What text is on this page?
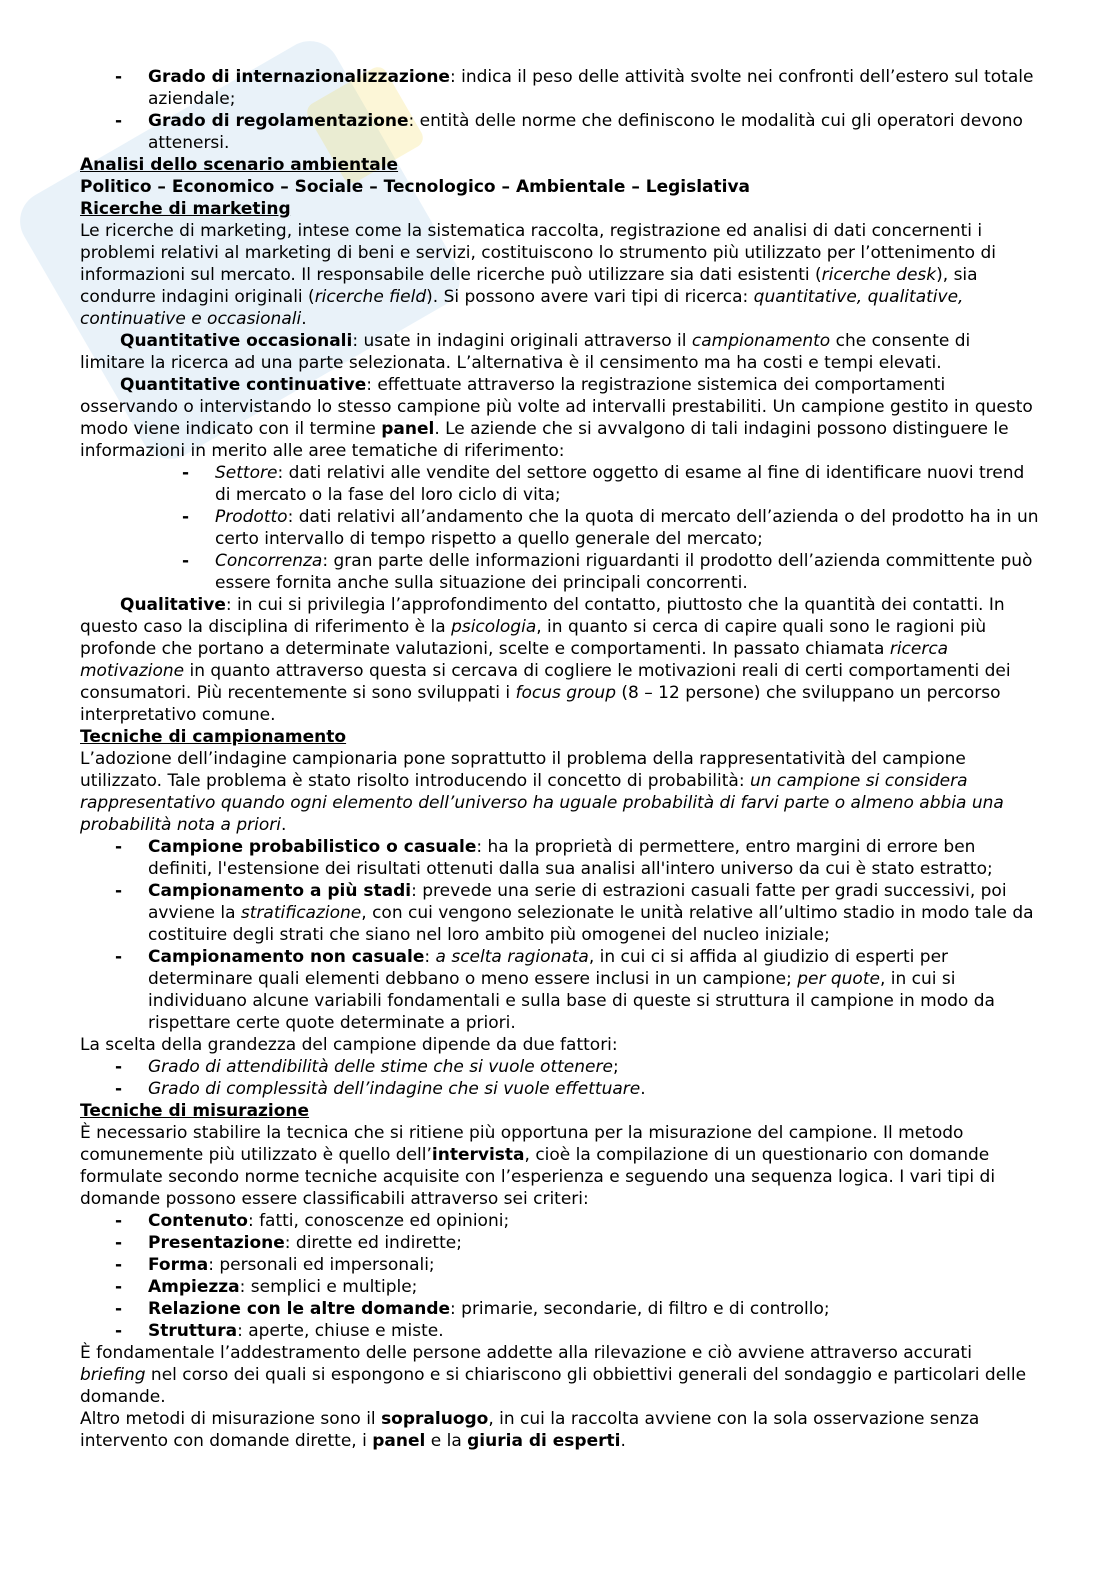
- Grado di internazionalizzazione: indica il peso delle attività svolte nei confronti dell’estero sul totale aziendale;
- Grado di regolamentazione: entità delle norme che definiscono le modalità cui gli operatori devono attenersi.

Analisi dello scenario ambientale

Politico – Economico – Sociale – Tecnologico – Ambientale – Legislativa

Ricerche di marketing

Le ricerche di marketing, intese come la sistematica raccolta, registrazione ed analisi di dati concernenti i problemi relativi al marketing di beni e servizi, costituiscono lo strumento più utilizzato per l’ottenimento di informazioni sul mercato. Il responsabile delle ricerche può utilizzare sia dati esistenti (ricerche desk), sia condurre indagini originali (ricerche field). Si possono avere vari tipi di ricerca: quantitative, qualitative, continuative e occasionali.

Quantitative occasionali: usate in indagini originali attraverso il campionamento che consente di limitare la ricerca ad una parte selezionata. L’alternativa è il censimento ma ha costi e tempi elevati.

Quantitative continuative: effettuate attraverso la registrazione sistemica dei comportamenti osservando o intervistando lo stesso campione più volte ad intervalli prestabiliti. Un campione gestito in questo modo viene indicato con il termine panel. Le aziende che si avvalgono di tali indagini possono distinguere le informazioni in merito alle aree tematiche di riferimento:

- Settore: dati relativi alle vendite del settore oggetto di esame al fine di identificare nuovi trend di mercato o la fase del loro ciclo di vita;
- Prodotto: dati relativi all’andamento che la quota di mercato dell’azienda o del prodotto ha in un certo intervallo di tempo rispetto a quello generale del mercato;
- Concorrenza: gran parte delle informazioni riguardanti il prodotto dell’azienda committente può essere fornita anche sulla situazione dei principali concorrenti.

Qualitative: in cui si privilegia l’approfondimento del contatto, piuttosto che la quantità dei contatti. In questo caso la disciplina di riferimento è la psicologia, in quanto si cerca di capire quali sono le ragioni più profonde che portano a determinate valutazioni, scelte e comportamenti. In passato chiamata ricerca motivazione in quanto attraverso questa si cercava di cogliere le motivazioni reali di certi comportamenti dei consumatori. Più recentemente si sono sviluppati i focus group (8 – 12 persone) che sviluppano un percorso interpretativo comune.

Tecniche di campionamento

L’adozione dell’indagine campionaria pone soprattutto il problema della rappresentatività del campione utilizzato. Tale problema è stato risolto introducendo il concetto di probabilità: un campione si considera rappresentativo quando ogni elemento dell’universo ha uguale probabilità di farvi parte o almeno abbia una probabilità nota a priori.

- Campione probabilistico o casuale: ha la proprietà di permettere, entro margini di errore ben definiti, l'estensione dei risultati ottenuti dalla sua analisi all'intero universo da cui è stato estratto;
- Campionamento a più stadi: prevede una serie di estrazioni casuali fatte per gradi successivi, poi avviene la stratificazione, con cui vengono selezionate le unità relative all’ultimo stadio in modo tale da costituire degli strati che siano nel loro ambito più omogenei del nucleo iniziale;
- Campionamento non casuale: a scelta ragionata, in cui ci si affida al giudizio di esperti per determinare quali elementi debbano o meno essere inclusi in un campione; per quote, in cui si individuano alcune variabili fondamentali e sulla base di queste si struttura il campione in modo da rispettare certe quote determinate a priori.

La scelta della grandezza del campione dipende da due fattori:

- Grado di attendibilità delle stime che si vuole ottenere;
- Grado di complessità dell’indagine che si vuole effettuare.

Tecniche di misurazione

È necessario stabilire la tecnica che si ritiene più opportuna per la misurazione del campione. Il metodo comunemente più utilizzato è quello dell’intervista, cioè la compilazione di un questionario con domande formulate secondo norme tecniche acquisite con l’esperienza e seguendo una sequenza logica. I vari tipi di domande possono essere classificabili attraverso sei criteri:

- Contenuto: fatti, conoscenze ed opinioni;
- Presentazione: dirette ed indirette;
- Forma: personali ed impersonali;
- Ampiezza: semplici e multiple;
- Relazione con le altre domande: primarie, secondarie, di filtro e di controllo;
- Struttura: aperte, chiuse e miste.

È fondamentale l’addestramento delle persone addette alla rilevazione e ciò avviene attraverso accurati briefing nel corso dei quali si espongono e si chiariscono gli obbiettivi generali del sondaggio e particolari delle domande.

Altro metodi di misurazione sono il sopraluogo, in cui la raccolta avviene con la sola osservazione senza intervento con domande dirette, i panel e la giuria di esperti.
